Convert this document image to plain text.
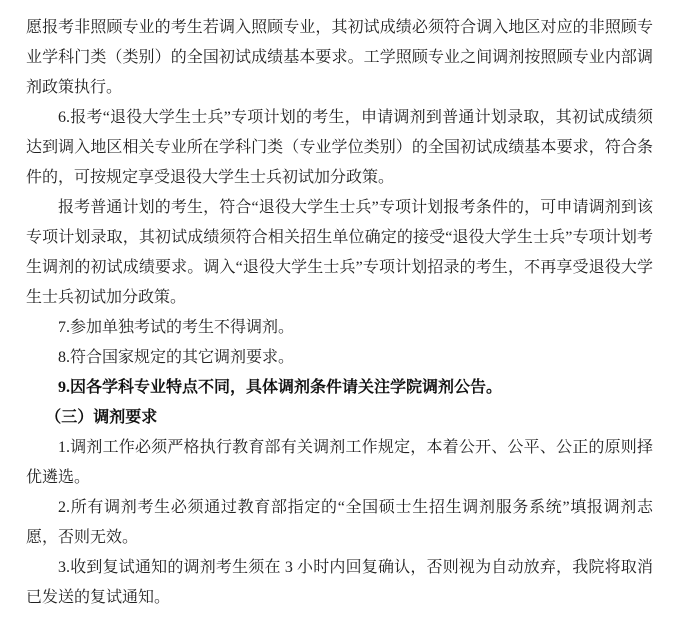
愿报考非照顾专业的考生若调入照顾专业，其初试成绩必须符合调入地区对应的非照顾专业学科门类（类别）的全国初试成绩基本要求。工学照顾专业之间调剂按照顾专业内部调剂政策执行。

6.报考“退役大学生士兵”专项计划的考生，申请调剂到普通计划录取，其初试成绩须达到调入地区相关专业所在学科门类（专业学位类别）的全国初试成绩基本要求，符合条件的，可按规定享受退役大学生士兵初试加分政策。

报考普通计划的考生，符合“退役大学生士兵”专项计划报考条件的，可申请调剂到该专项计划录取，其初试成绩须符合相关招生单位确定的接受“退役大学生士兵”专项计划考生调剂的初试成绩要求。调入“退役大学生士兵”专项计划招录的考生，不再享受退役大学生士兵初试加分政策。

7.参加单独考试的考生不得调剂。

8.符合国家规定的其它调剂要求。

9.因各学科专业特点不同，具体调剂条件请关注学院调剂公告。

（三）调剂要求

1.调剂工作必须严格执行教育部有关调剂工作规定，本着公开、公平、公正的原则择优遴选。

2.所有调剂考生必须通过教育部指定的“全国硕士生招生调剂服务系统”填报调剂志愿，否则无效。

3.收到复试通知的调剂考生须在 3 小时内回复确认，否则视为自动放弃，我院将取消已发送的复试通知。
